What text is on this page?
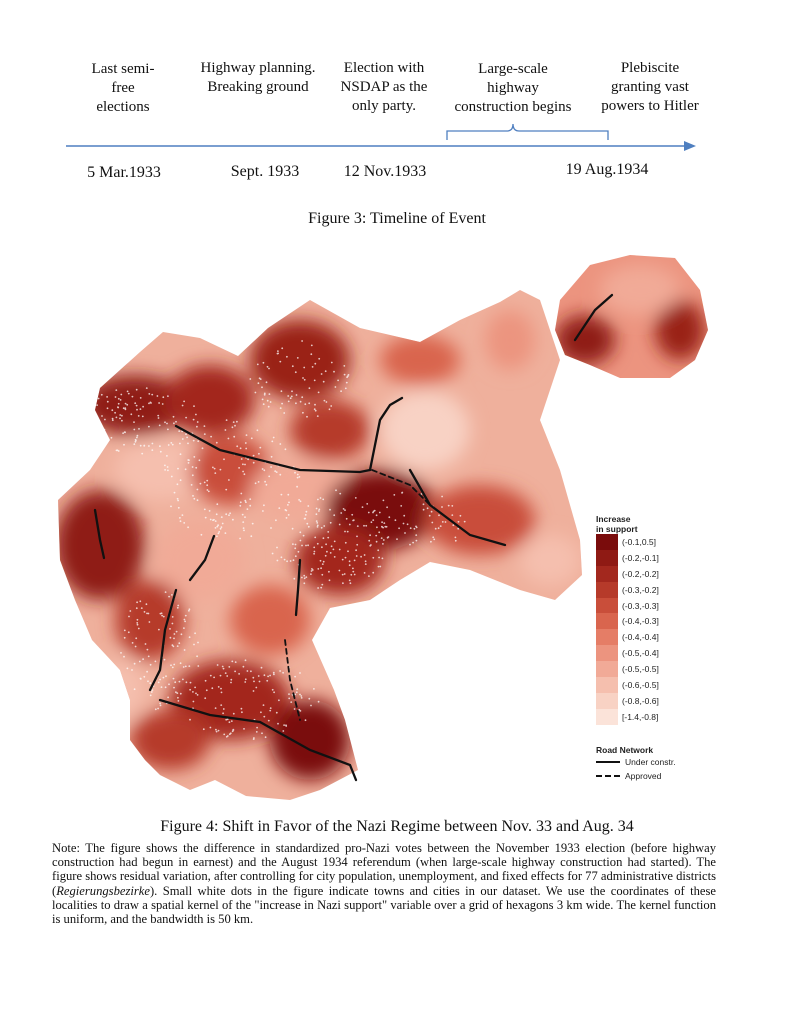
Last semi-
free
elections
Highway planning.
Breaking ground
Election with
NSDAP as the
only party.
Large-scale
highway
construction begins
Plebiscite
granting vast
powers to Hitler
5 Mar.1933	Sept. 1933	12 Nov.1933	19 Aug.1934
Figure 3: Timeline of Event
Increase
in support
(-0.1,0.5]
(-0.2,-0.1]
(-0.2,-0.2]
(-0.3,-0.2]
(-0.3,-0.3]
(-0.4,-0.3]
(-0.4,-0.4]
(-0.5,-0.4]
(-0.5,-0.5]
(-0.6,-0.5]
(-0.8,-0.6]
[-1.4,-0.8]
Road Network
Under constr.
Approved
Figure 4: Shift in Favor of the Nazi Regime between Nov. 33 and Aug. 34
Note: The figure shows the difference in standardized pro-Nazi votes between the November 1933 election (before highway construction had begun in earnest) and the August 1934 referendum (when large-scale highway construction had started). The figure shows residual variation, after controlling for city population, unemployment, and fixed effects for 77 administrative districts (Regierungsbezirke). Small white dots in the figure indicate towns and cities in our dataset. We use the coordinates of these localities to draw a spatial kernel of the "increase in Nazi support" variable over a grid of hexagons 3 km wide. The kernel function is uniform, and the bandwidth is 50 km.
